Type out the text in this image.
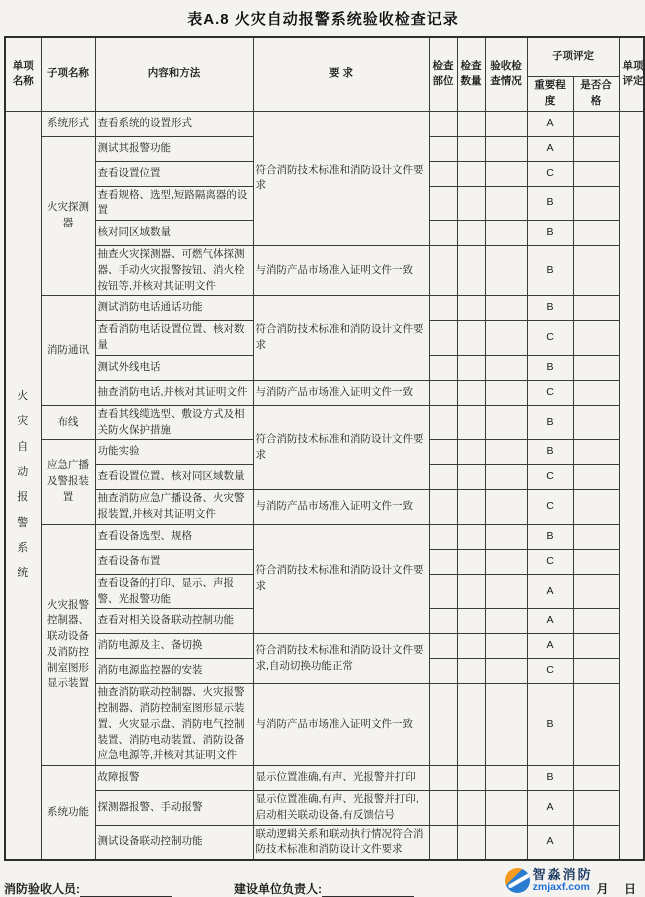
表A.8 火灾自动报警系统验收检查记录
单项名称	子项名称	内容和方法	要 求	检查部位	检查数量	验收检查情况	子项评定		单项评定
							重要程度	是否合格	
火灾自动报警系统	系统形式	查看系统的设置形式	符合消防技术标准和消防设计文件要求				A		
	火灾探测器	测试其报警功能					A		
		查看设置位置					C		
		查看规格、选型,短路隔离器的设置					B		
		核对同区域数量					B		
		抽查火灾探测器、可燃气体探测器、手动火灾报警按钮、消火栓按钮等,并核对其证明文件	与消防产品市场准入证明文件一致				B		
	消防通讯	测试消防电话通话功能	符合消防技术标准和消防设计文件要求				B		
		查看消防电话设置位置、核对数量					C		
		测试外线电话					B		
		抽查消防电话,并核对其证明文件	与消防产品市场准入证明文件一致				C		
	布线	查看其线缆选型、敷设方式及相关防火保护措施	符合消防技术标准和消防设计文件要求				B		
	应急广播及警报装置	功能实验					B		
		查看设置位置、核对同区域数量					C		
		抽查消防应急广播设备、火灾警报装置,并核对其证明文件	与消防产品市场准入证明文件一致				C		
	火灾报警控制器、联动设备及消防控制室图形显示装置	查看设备选型、规格	符合消防技术标准和消防设计文件要求				B		
		查看设备布置					C		
		查看设备的打印、显示、声报警、光报警功能					A		
		查看对相关设备联动控制功能					A		
		消防电源及主、备切换	符合消防技术标准和消防设计文件要求,自动切换功能正常				A		
		消防电源监控器的安装					C		
		抽查消防联动控制器、火灾报警控制器、消防控制室图形显示装置、火灾显示盘、消防电气控制装置、消防电动装置、消防设备应急电源等,并核对其证明文件	与消防产品市场准入证明文件一致				B		
	系统功能	故障报警	显示位置准确,有声、光报警并打印				B		
		探测器报警、手动报警	显示位置准确,有声、光报警并打印,启动相关联动设备,有反馈信号				A		
		测试设备联动控制功能	联动逻辑关系和联动执行情况符合消防技术标准和消防设计文件要求				A		
消防验收人员:	建设单位负责人:
智淼消防
zmjaxf.com 月 日
